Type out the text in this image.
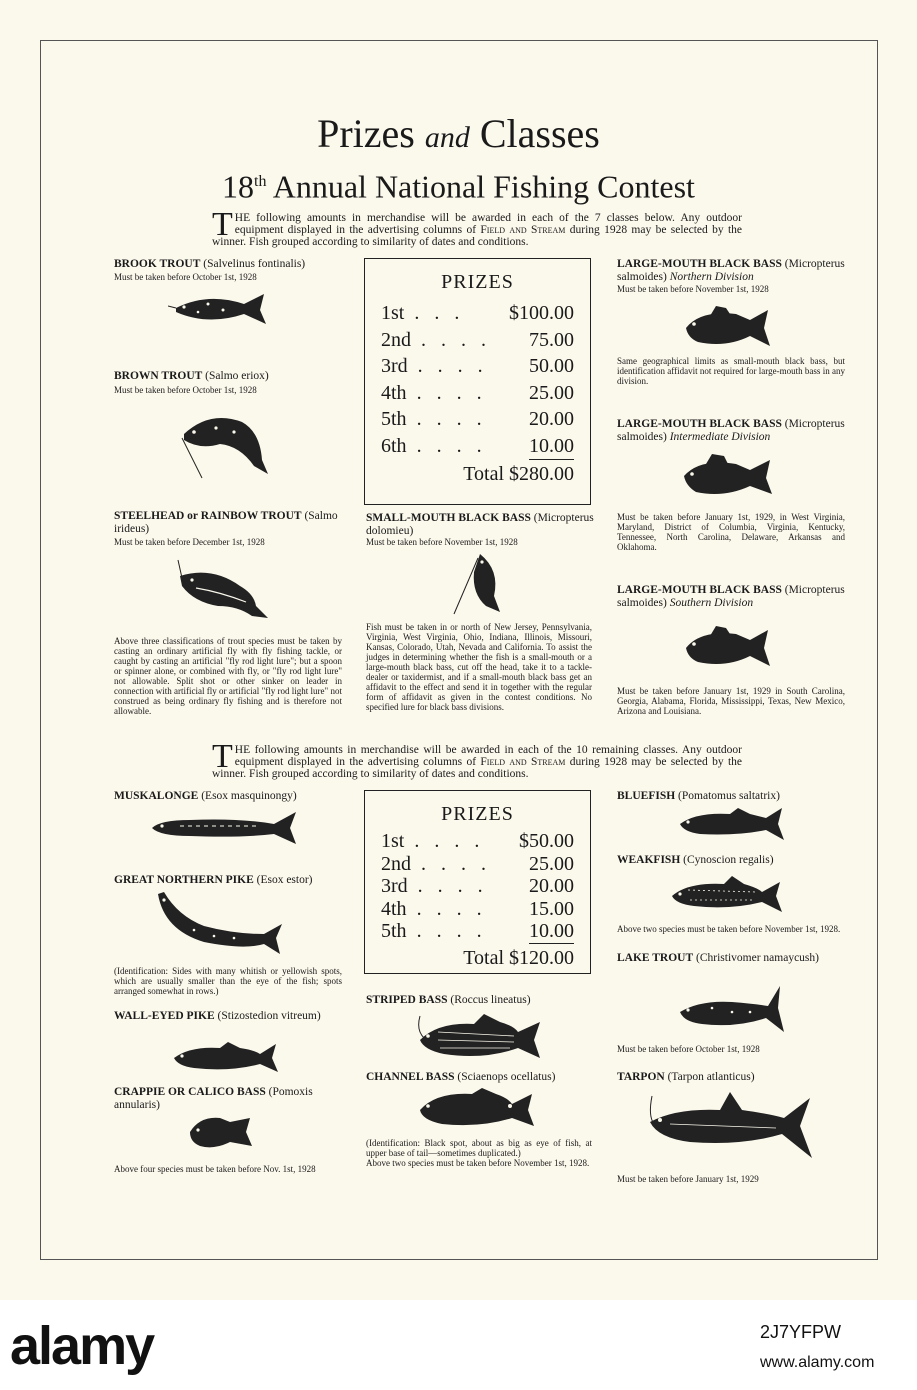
Prizes and Classes
18th Annual National Fishing Contest
THE following amounts in merchandise will be awarded in each of the 7 classes below. Any outdoor equipment displayed in the advertising columns of Field and Stream during 1928 may be selected by the winner. Fish grouped according to similarity of dates and conditions.
BROOK TROUT (Salvelinus fontinalis)
Must be taken before October 1st, 1928
BROWN TROUT (Salmo eriox)
Must be taken before October 1st, 1928
STEELHEAD or RAINBOW TROUT (Salmo irideus)
Must be taken before December 1st, 1928
Above three classifications of trout species must be taken by casting an ordinary artificial fly with fly fishing tackle, or caught by casting an artificial "fly rod light lure"; but a spoon or spinner alone, or combined with fly, or "fly rod light lure" not allowable. Split shot or other sinker on leader in connection with artificial fly or artificial "fly rod light lure" not construed as being ordinary fly fishing and is therefore not allowable.
PRIZES
1st . . .	$100.00
2nd . . . .	75.00
3rd . . . .	50.00
4th . . . .	25.00
5th . . . .	20.00
6th . . . .	10.00
Total $280.00
SMALL-MOUTH BLACK BASS (Micropterus dolomieu)
Must be taken before November 1st, 1928
Fish must be taken in or north of New Jersey, Pennsylvania, Virginia, West Virginia, Ohio, Indiana, Illinois, Missouri, Kansas, Colorado, Utah, Nevada and California. To assist the judges in determining whether the fish is a small-mouth or a large-mouth black bass, cut off the head, take it to a tackle-dealer or taxidermist, and if a small-mouth black bass get an affidavit to the effect and send it in together with the regular form of affidavit as given in the contest conditions. No specified lure for black bass divisions.
LARGE-MOUTH BLACK BASS (Micropterus salmoides) Northern Division
Must be taken before November 1st, 1928
Same geographical limits as small-mouth black bass, but identification affidavit not required for large-mouth bass in any division.
LARGE-MOUTH BLACK BASS (Micropterus salmoides) Intermediate Division
Must be taken before January 1st, 1929, in West Virginia, Maryland, District of Columbia, Virginia, Kentucky, Tennessee, North Carolina, Delaware, Arkansas and Oklahoma.
LARGE-MOUTH BLACK BASS (Micropterus salmoides) Southern Division
Must be taken before January 1st, 1929 in South Carolina, Georgia, Alabama, Florida, Mississippi, Texas, New Mexico, Arizona and Louisiana.
THE following amounts in merchandise will be awarded in each of the 10 remaining classes. Any outdoor equipment displayed in the advertising columns of Field and Stream during 1928 may be selected by the winner. Fish grouped according to similarity of dates and conditions.
MUSKALONGE (Esox masquinongy)
GREAT NORTHERN PIKE (Esox estor)
(Identification: Sides with many whitish or yellowish spots, which are usually smaller than the eye of the fish; spots arranged somewhat in rows.)
WALL-EYED PIKE (Stizostedion vitreum)
CRAPPIE OR CALICO BASS (Pomoxis annularis)
Above four species must be taken before Nov. 1st, 1928
PRIZES
1st . . . .	$50.00
2nd . . . .	25.00
3rd . . . .	20.00
4th . . . .	15.00
5th . . . .	10.00
Total $120.00
STRIPED BASS (Roccus lineatus)
CHANNEL BASS (Sciaenops ocellatus)
(Identification: Black spot, about as big as eye of fish, at upper base of tail—sometimes duplicated.)
Above two species must be taken before November 1st, 1928.
BLUEFISH (Pomatomus saltatrix)
WEAKFISH (Cynoscion regalis)
Above two species must be taken before November 1st, 1928.
LAKE TROUT (Christivomer namaycush)
Must be taken before October 1st, 1928
TARPON (Tarpon atlanticus)
Must be taken before January 1st, 1929
alamy	2J7YFPW
www.alamy.com
